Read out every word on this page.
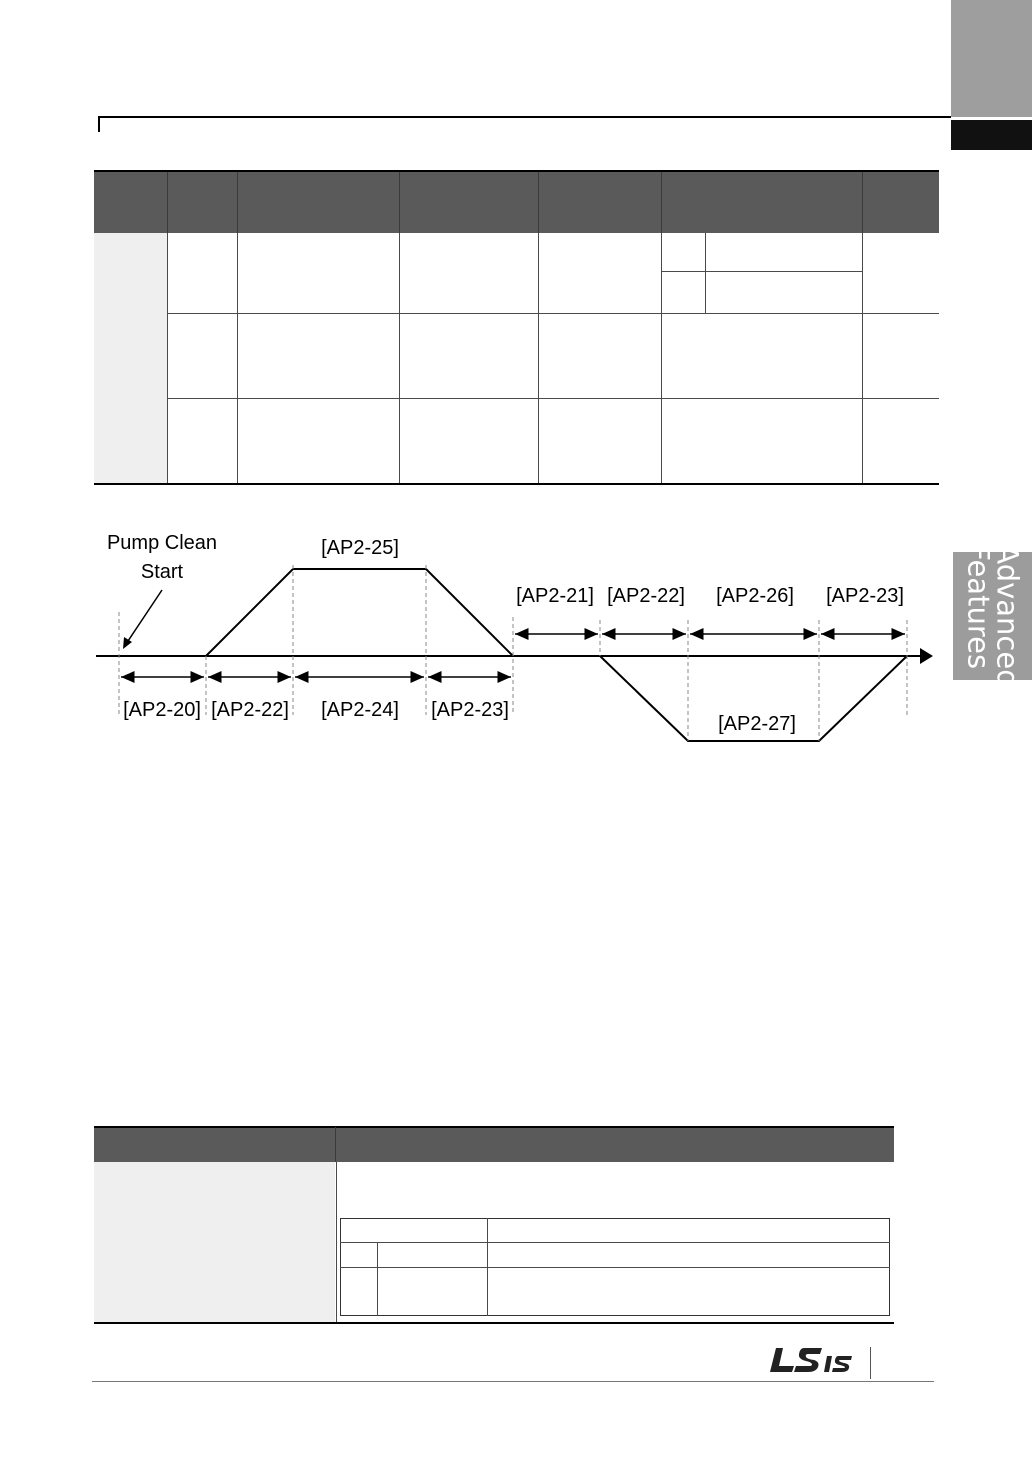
Advanced
Features
Pump Clean
Start
[AP2-25]
[AP2-21] [AP2-22] [AP2-26] [AP2-23]
[AP2-20] [AP2-22] [AP2-24] [AP2-23]
[AP2-27]
